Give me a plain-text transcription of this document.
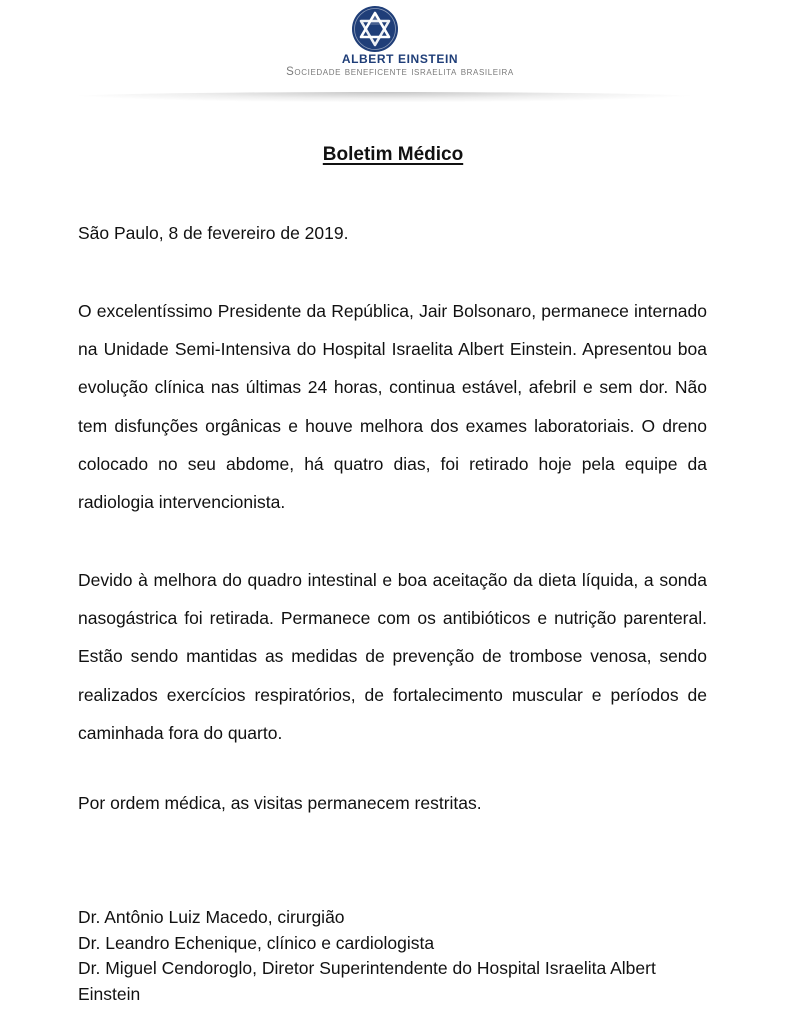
ALBERT EINSTEIN
Sociedade beneficente israelita brasileira
Boletim Médico
São Paulo, 8 de fevereiro de 2019.

O excelentíssimo Presidente da República, Jair Bolsonaro, permanece internado na Unidade Semi-Intensiva do Hospital Israelita Albert Einstein. Apresentou boa evolução clínica nas últimas 24 horas, continua estável, afebril e sem dor. Não tem disfunções orgânicas e houve melhora dos exames laboratoriais. O dreno colocado no seu abdome, há quatro dias, foi retirado hoje pela equipe da radiologia intervencionista.

Devido à melhora do quadro intestinal e boa aceitação da dieta líquida, a sonda nasogástrica foi retirada. Permanece com os antibióticos e nutrição parenteral. Estão sendo mantidas as medidas de prevenção de trombose venosa, sendo realizados exercícios respiratórios, de fortalecimento muscular e períodos de caminhada fora do quarto.

Por ordem médica, as visitas permanecem restritas.

Dr. Antônio Luiz Macedo, cirurgião
Dr. Leandro Echenique, clínico e cardiologista
Dr. Miguel Cendoroglo, Diretor Superintendente do Hospital Israelita Albert Einstein
